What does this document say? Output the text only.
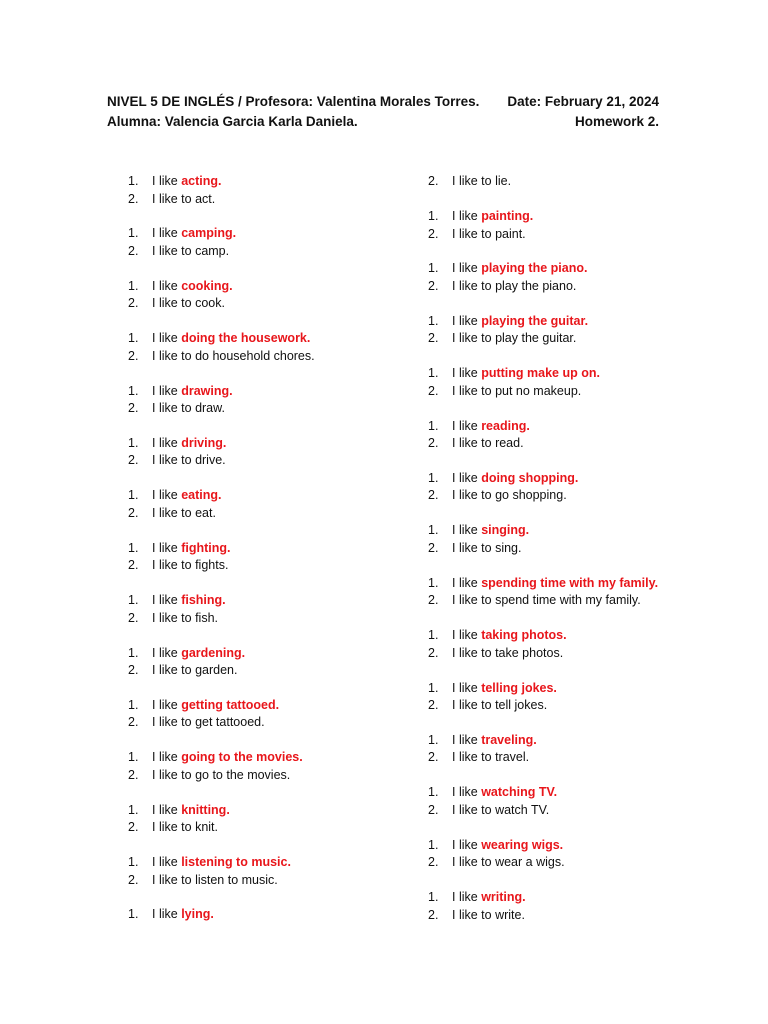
NIVEL 5 DE INGLÉS / Profesora: Valentina Morales Torres. Date: February 21, 2024
Alumna: Valencia Garcia Karla Daniela.	Homework 2.
1.	I like acting.
2.	I like to act.
1.	I like camping.
2.	I like to camp.
1.	I like cooking.
2.	I like to cook.
1.	I like doing the housework.
2.	I like to do household chores.
1.	I like drawing.
2.	I like to draw.
1.	I like driving.
2.	I like to drive.
1.	I like eating.
2.	I like to eat.
1.	I like fighting.
2.	I like to fights.
1.	I like fishing.
2.	I like to fish.
1.	I like gardening.
2.	I like to garden.
1.	I like getting tattooed.
2.	I like to get tattooed.
1.	I like going to the movies.
2.	I like to go to the movies.
1.	I like knitting.
2.	I like to knit.
1.	I like listening to music.
2.	I like to listen to music.
1.	I like lying.
2.	I like to lie.
1.	I like painting.
2.	I like to paint.
1.	I like playing the piano.
2.	I like to play the piano.
1.	I like playing the guitar.
2.	I like to play the guitar.
1.	I like putting make up on.
2.	I like to put no makeup.
1.	I like reading.
2.	I like to read.
1.	I like doing shopping.
2.	I like to go shopping.
1.	I like singing.
2.	I like to sing.
1.	I like spending time with my family.
2.	I like to spend time with my family.
1.	I like taking photos.
2.	I like to take photos.
1.	I like telling jokes.
2.	I like to tell jokes.
1.	I like traveling.
2.	I like to travel.
1.	I like watching TV.
2.	I like to watch TV.
1.	I like wearing wigs.
2.	I like to wear a wigs.
1.	I like writing.
2.	I like to write.
